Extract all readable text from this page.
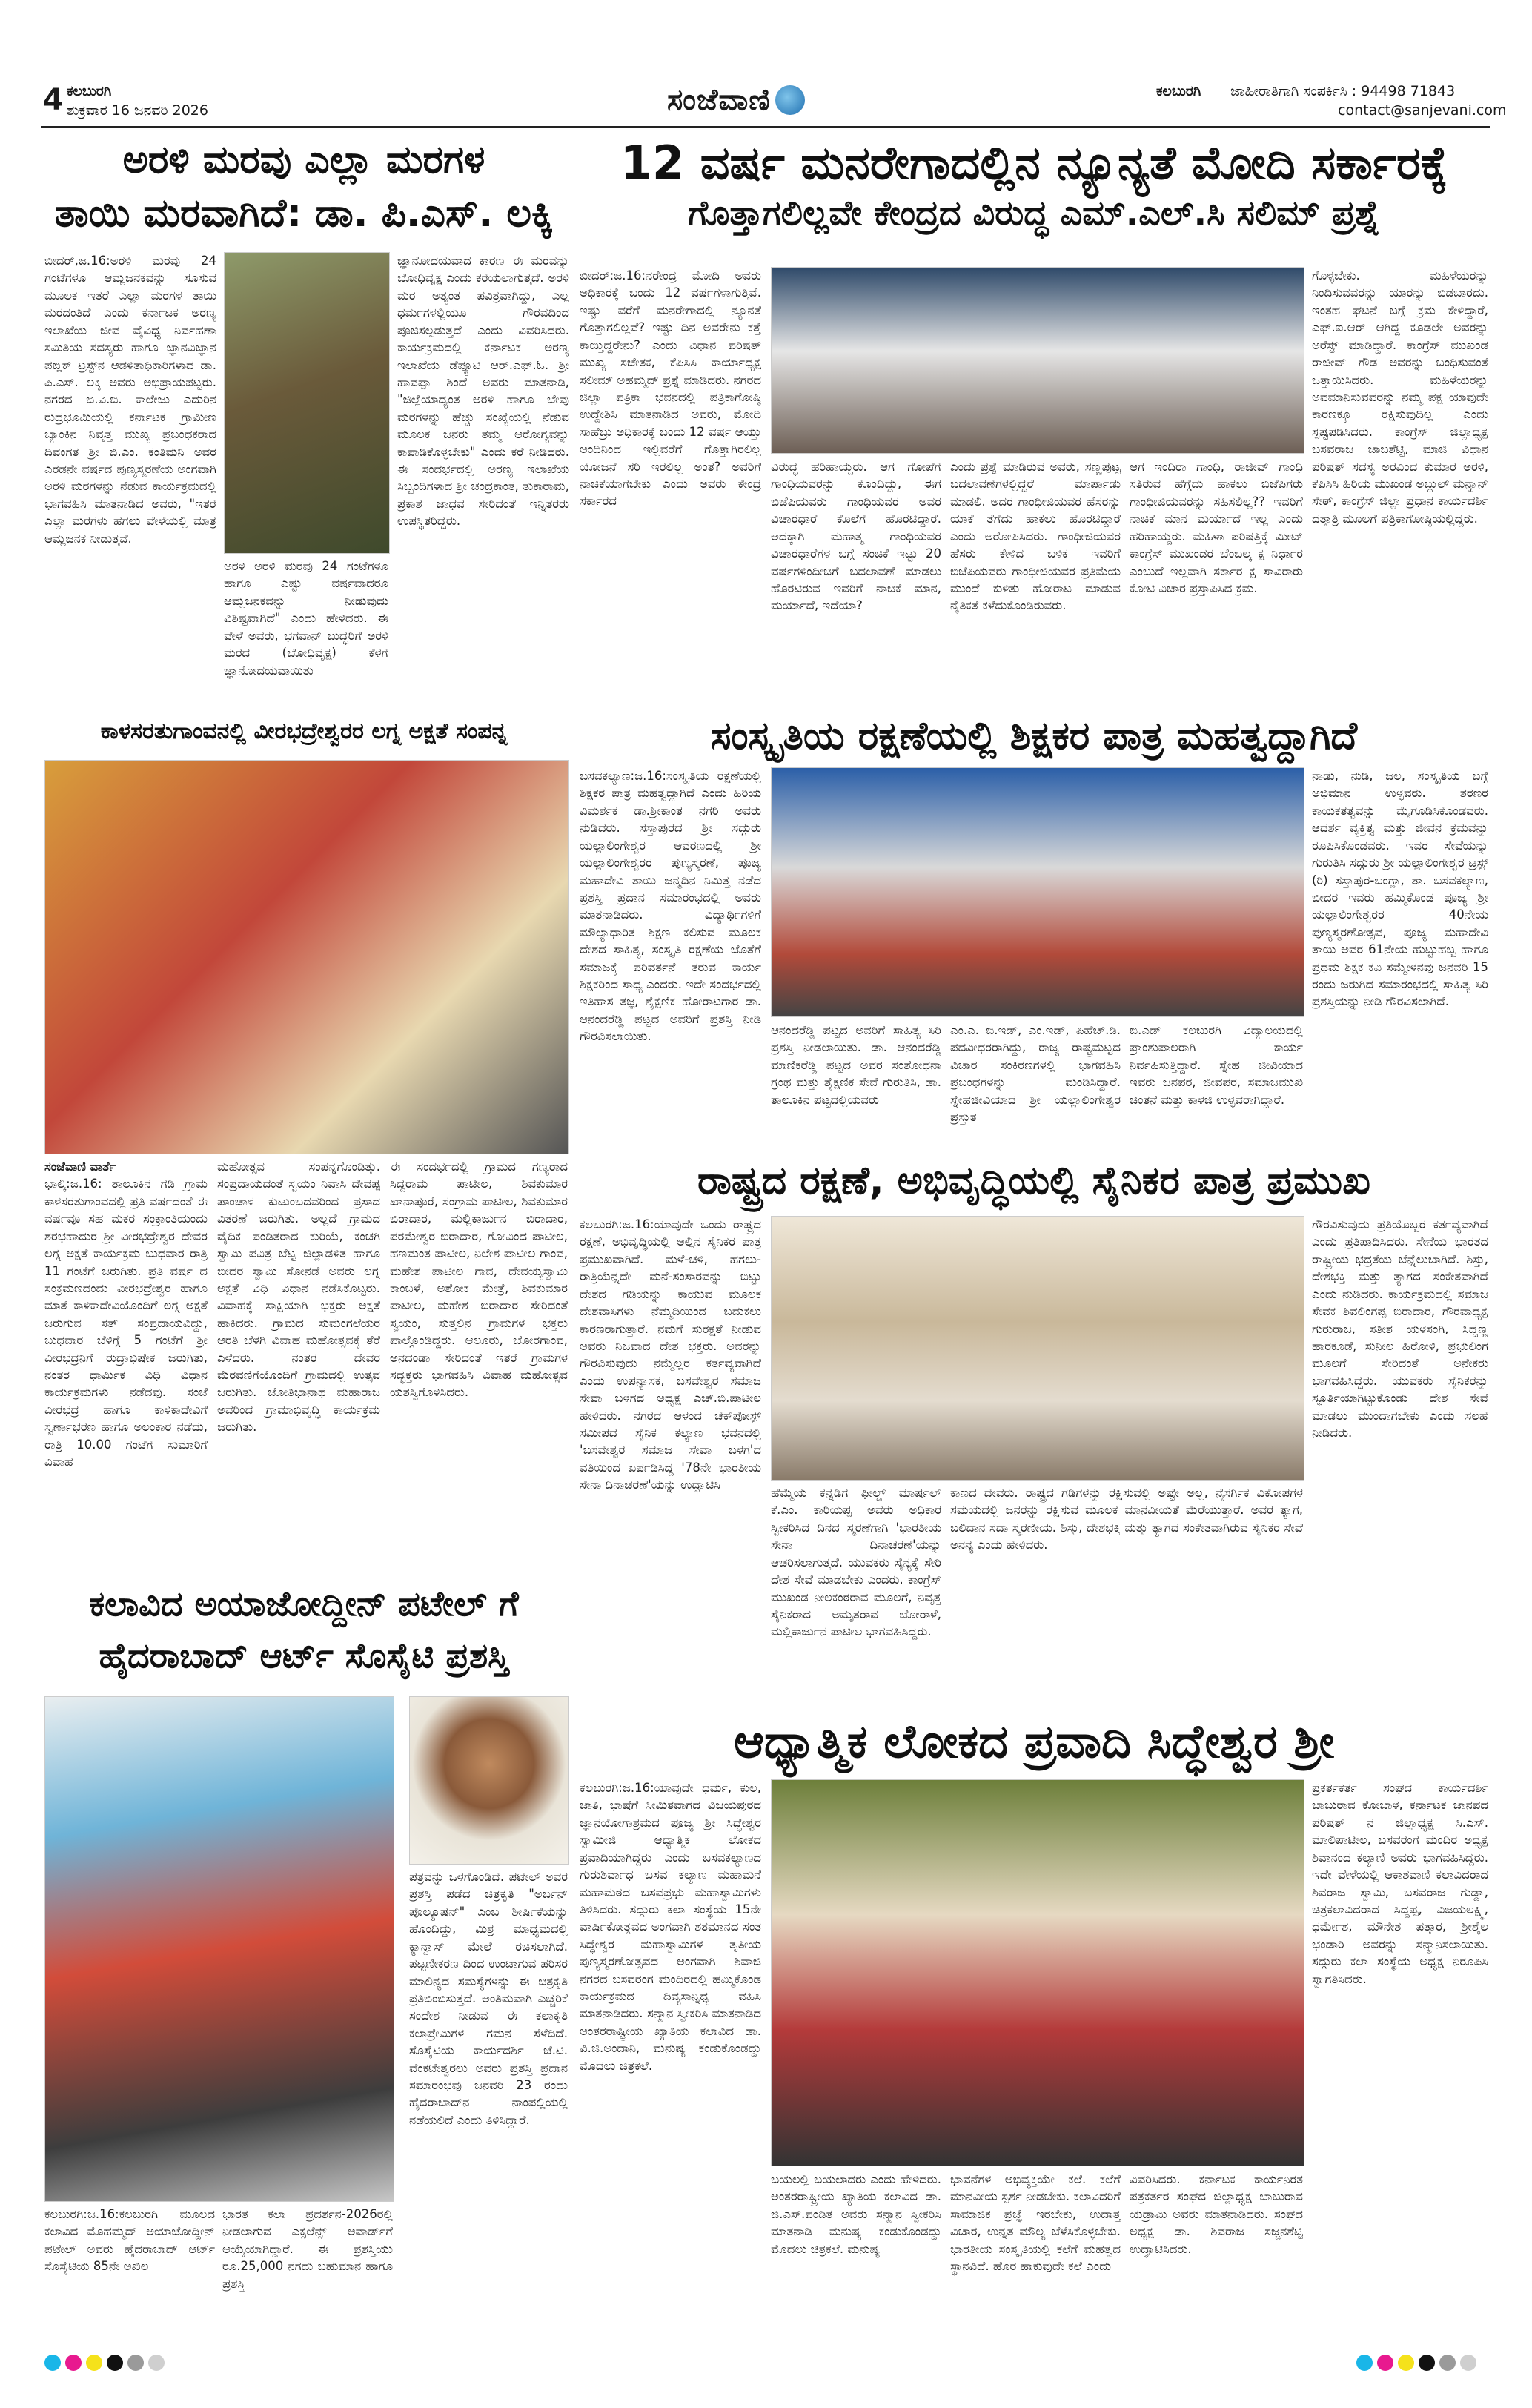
4 ಕಲಬುರಗಿ
ಶುಕ್ರವಾರ 16 ಜನವರಿ 2026	ಸಂಜೆವಾಣಿ	ಕಲಬುರಗಿ ಜಾಹೀರಾತಿಗಾಗಿ ಸಂಪರ್ಕಿಸಿ : 94498 71843
contact@sanjevani.com
ಅರಳಿ ಮರವು ಎಲ್ಲಾ ಮರಗಳ
ತಾಯಿ ಮರವಾಗಿದೆ: ಡಾ. ಪಿ.ಎಸ್. ಲಕ್ಕಿ
ಬೀದರ್,ಜ.16:ಅರಳಿ ಮರವು 24 ಗಂಟೆಗಳೂ ಆಮ್ಲಜನಕವನ್ನು ಸೂಸುವ ಮೂಲಕ ಇತರೆ ಎಲ್ಲಾ ಮರಗಳ ತಾಯಿ ಮರದಂತಿದೆ ಎಂದು ಕರ್ನಾಟಕ ಅರಣ್ಯ ಇಲಾಖೆಯ ಜೀವ ವೈವಿಧ್ಯ ನಿರ್ವಹಣಾ ಸಮಿತಿಯ ಸದಸ್ಯರು ಹಾಗೂ ಜ್ಞಾನವಿಜ್ಞಾನ ಪಬ್ಲಿಕ್ ಟ್ರಸ್ಟ್‌ನ ಆಡಳಿತಾಧಿಕಾರಿಗಳಾದ ಡಾ. ಪಿ.ಎಸ್. ಲಕ್ಕಿ ಅವರು ಅಭಿಪ್ರಾಯಪಟ್ಟರು. ನಗರದ ಬಿ.ವಿ.ಬಿ. ಕಾಲೇಜು ಎದುರಿನ ರುದ್ರಭೂಮಿಯಲ್ಲಿ ಕರ್ನಾಟಕ ಗ್ರಾಮೀಣ ಬ್ಯಾಂಕಿನ ನಿವೃತ್ತ ಮುಖ್ಯ ಪ್ರಬಂಧಕರಾದ ದಿವಂಗತ ಶ್ರೀ ಬಿ.ಎಂ. ಕಂತಿಮನಿ ಅವರ ಎರಡನೇ ವರ್ಷದ ಪುಣ್ಯಸ್ಮರಣೆಯ ಅಂಗವಾಗಿ ಅರಳಿ ಮರಗಳನ್ನು ನೆಡುವ ಕಾರ್ಯಕ್ರಮದಲ್ಲಿ ಭಾಗವಹಿಸಿ ಮಾತನಾಡಿದ ಅವರು, "ಇತರೆ ಎಲ್ಲಾ ಮರಗಳು ಹಗಲು ವೇಳೆಯಲ್ಲಿ ಮಾತ್ರ ಆಮ್ಲಜನಕ ನೀಡುತ್ತವೆ.
ಅರಳಿ ಅರಳಿ ಮರವು 24 ಗಂಟೆಗಳೂ ಹಾಗೂ ಎಷ್ಟು ವರ್ಷವಾದರೂ ಆಮ್ಲಜನಕವನ್ನು ನೀಡುವುದು ವಿಶಿಷ್ಟವಾಗಿದೆ" ಎಂದು ಹೇಳಿದರು. ಈ ವೇಳೆ ಅವರು, ಭಗವಾನ್ ಬುದ್ಧರಿಗೆ ಅರಳಿ ಮರದ (ಬೋಧಿವೃಕ್ಷ) ಕೆಳಗೆ ಜ್ಞಾನೋದಯವಾಯಿತು
ಜ್ಞಾನೋದಯವಾದ ಕಾರಣ ಈ ಮರವನ್ನು ಬೋಧಿವೃಕ್ಷ ಎಂದು ಕರೆಯಲಾಗುತ್ತದೆ. ಅರಳಿ ಮರ ಅತ್ಯಂತ ಪವಿತ್ರವಾಗಿದ್ದು, ಎಲ್ಲ ಧರ್ಮಗಳಲ್ಲಿಯೂ ಗೌರವದಿಂದ ಪೂಜಿಸಲ್ಪಡುತ್ತದೆ ಎಂದು ವಿವರಿಸಿದರು. ಕಾರ್ಯಕ್ರಮದಲ್ಲಿ ಕರ್ನಾಟಕ ಅರಣ್ಯ ಇಲಾಖೆಯ ಡೆಪ್ಯೂಟಿ ಆರ್.ಎಫ್.ಓ. ಶ್ರೀ ಹಾವಪ್ಪಾ ಶಿಂದೆ ಅವರು ಮಾತನಾಡಿ, "ಜಿಲ್ಲೆಯಾದ್ಯಂತ ಅರಳಿ ಹಾಗೂ ಬೇವು ಮರಗಳನ್ನು ಹೆಚ್ಚು ಸಂಖ್ಯೆಯಲ್ಲಿ ನೆಡುವ ಮೂಲಕ ಜನರು ತಮ್ಮ ಆರೋಗ್ಯವನ್ನು ಕಾಪಾಡಿಕೊಳ್ಳಬೇಕು" ಎಂದು ಕರೆ ನೀಡಿದರು. ಈ ಸಂದರ್ಭದಲ್ಲಿ ಅರಣ್ಯ ಇಲಾಖೆಯ ಸಿಬ್ಬಂದಿಗಳಾದ ಶ್ರೀ ಚಂದ್ರಕಾಂತ, ತುಕಾರಾಮ, ಪ್ರಕಾಶ ಜಾಧವ ಸೇರಿದಂತೆ ಇನ್ನಿತರರು ಉಪಸ್ಥಿತರಿದ್ದರು.
12 ವರ್ಷ ಮನರೇಗಾದಲ್ಲಿನ ನ್ಯೂನ್ಯತೆ ಮೋದಿ ಸರ್ಕಾರಕ್ಕೆ
ಗೊತ್ತಾಗಲಿಲ್ಲವೇ ಕೇಂದ್ರದ ವಿರುದ್ಧ ಎಮ್.ಎಲ್.ಸಿ ಸಲಿಮ್ ಪ್ರಶ್ನೆ
ಬೀದರ್:ಜ.16:ನರೇಂದ್ರ ಮೋದಿ ಅವರು ಅಧಿಕಾರಕ್ಕೆ ಬಂದು 12 ವರ್ಷಗಳಾಗುತ್ತಿವೆ. ಇಷ್ಟು ವರೆಗೆ ಮನರೇಗಾದಲ್ಲಿ ನ್ಯೂನತೆ ಗೊತ್ತಾಗಲಿಲ್ಲವೆ? ಇಷ್ಟು ದಿನ ಅವರೇನು ಕತ್ತೆ ಕಾಯ್ತಿದ್ದರೇನು? ಎಂದು ವಿಧಾನ ಪರಿಷತ್ ಮುಖ್ಯ ಸಚೇತಕ, ಕೆಪಿಸಿಸಿ ಕಾರ್ಯಾಧ್ಯಕ್ಷ ಸಲೀಮ್ ಅಹಮ್ಮದ್ ಪ್ರಶ್ನೆ ಮಾಡಿದರು. ನಗರದ ಜಿಲ್ಲಾ ಪತ್ರಿಕಾ ಭವನದಲ್ಲಿ ಪತ್ರಿಕಾಗೋಷ್ಠಿ ಉದ್ದೇಶಿಸಿ ಮಾತನಾಡಿದ ಅವರು, ಮೋದಿ ಸಾಹೆಬ್ರು ಅಧಿಕಾರಕ್ಕೆ ಬಂದು 12 ವರ್ಷ ಆಯ್ತು ಅಂದಿನಿಂದ ಇಲ್ಲಿವರೆಗೆ ಗೊತ್ತಾಗಿರಲಿಲ್ಲ ಯೋಜನೆ ಸರಿ ಇರಲಿಲ್ಲ ಅಂತ? ಅವರಿಗೆ ನಾಚಿಕೆಯಾಗಬೇಕು ಎಂದು ಅವರು ಕೇಂದ್ರ ಸರ್ಕಾರದ
ವಿರುದ್ಧ ಹರಿಹಾಯ್ದರು. ಆಗ ಗೋಪೆಗೆ ಗಾಂಧಿಯವರನ್ನು ಕೊಂದಿದ್ದು, ಈಗ ಬಿಜೆಪಿಯವರು ಗಾಂಧಿಯವರ ಅವರ ವಿಚಾರಧಾರೆ ಕೊಲೆಗೆ ಹೊರಟಿದ್ದಾರೆ. ಅದಕ್ಕಾಗಿ ಮಹಾತ್ಮ ಗಾಂಧಿಯವರ ವಿಚಾರಧಾರೆಗಳ ಬಗ್ಗೆ ಸಂಚಿಕೆ ಇಟ್ಟು 20 ವರ್ಷಗಳಿಂದೀಚಿಗೆ ಬದಲಾವಣೆ ಮಾಡಲು ಹೊರಟಿರುವ ಇವರಿಗೆ ನಾಚಿಕೆ ಮಾನ, ಮರ್ಯಾದೆ, ಇದೆಯಾ?
ಎಂದು ಪ್ರಶ್ನೆ ಮಾಡಿರುವ ಅವರು, ಸಣ್ಣಪುಟ್ಟ ಬದಲಾವಣೆಗಳಲ್ಲಿದ್ದರೆ ಮಾರ್ಪಾಡು ಮಾಡಲಿ. ಅದರ ಗಾಂಧೀಜಿಯವರ ಹೆಸರನ್ನು ಯಾಕೆ ತೆಗೆದು ಹಾಕಲು ಹೊರಟಿದ್ದಾರೆ ಎಂದು ಅರೋಪಿಸಿದರು. ಗಾಂಧೀಜಿಯವರ ಹೆಸರು ಕೇಳಿದ ಬಳಿಕ ಇವರಿಗೆ ಬಿಜೆಪಿಯವರು ಗಾಂಧೀಜಿಯವರ ಪ್ರತಿಮೆಯ ಮುಂದೆ ಕುಳಿತು ಹೋರಾಟ ಮಾಡುವ ನೈತಿಕತೆ ಕಳೆದುಕೊಂಡಿರುವರು.
ಆಗ ಇಂದಿರಾ ಗಾಂಧಿ, ರಾಜೀವ್ ಗಾಂಧಿ ಸತಿರುವ ಹೆಗ್ಗೆದು ಹಾಕಲು ಬಿಜೆಪಿಗರು ಗಾಂಧೀಜಿಯವರನ್ನು ಸಹಿಸಲಿಲ್ಲ?? ಇವರಿಗೆ ನಾಚಿಕೆ ಮಾನ ಮರ್ಯಾದೆ ಇಲ್ಲ ಎಂದು ಹರಿಹಾಯ್ದರು. ಮಹಿಳಾ ಪರಿಷತ್ತಿಕ್ಕೆ ಮೀಟ್ ಕಾಂಗ್ರೆಸ್ ಮುಖಂಡರ ಬೆಂಬಲ್ಕ ಕ್ಷ ನಿರ್ಧಾರ ಎಂಬುದೆ ಇಲ್ಲವಾಗಿ ಸರ್ಕಾರ ಕ್ಷ ಸಾವಿರಾರು ಕೋಟಿ ವಿಚಾರ ಪ್ರಸ್ತಾಪಿಸಿದ ಕ್ರಮ.
ಗೊಳ್ಳಬೇಕು. ಮಹಿಳೆಯರನ್ನು ನಿಂದಿಸುವವರನ್ನು ಯಾರನ್ನು ಬಿಡಬಾರದು. ಇಂತಹ ಘಟನೆ ಬಗ್ಗೆ ಕ್ರಮ ಕೇಳಿದ್ದಾರೆ, ಎಫ್.ಐ.ಆರ್ ಆಗಿದ್ದ ಕೂಡಲೇ ಅವರನ್ನು ಅರೆಸ್ಟ್ ಮಾಡಿದ್ದಾರೆ. ಕಾಂಗ್ರೆಸ್ ಮುಖಂಡ ರಾಜೀವ್ ಗೌಡ ಅವರನ್ನು ಬಂಧಿಸುವಂತೆ ಒತ್ತಾಯಿಸಿದರು. ಮಹಿಳೆಯರನ್ನು ಅವಮಾನಿಸುವವರನ್ನು ನಮ್ಮ ಪಕ್ಷ ಯಾವುದೇ ಕಾರಣಕ್ಕೂ ರಕ್ಷಿಸುವುದಿಲ್ಲ ಎಂದು ಸ್ಪಷ್ಟಪಡಿಸಿದರು. ಕಾಂಗ್ರೆಸ್ ಜಿಲ್ಲಾಧ್ಯಕ್ಷ ಬಸವರಾಜ ಜಾಬಶೆಟ್ಟಿ, ಮಾಜಿ ವಿಧಾನ ಪರಿಷತ್ ಸದಸ್ಯ ಅರವಿಂದ ಕುಮಾರ ಅರಳಿ, ಕೆಪಿಸಿಸಿ ಹಿರಿಯ ಮುಖಂಡ ಅಬ್ದುಲ್ ಮನ್ನಾನ್ ಸೇಠ್, ಕಾಂಗ್ರೆಸ್ ಜಿಲ್ಲಾ ಪ್ರಧಾನ ಕಾರ್ಯದರ್ಶಿ ದತ್ತಾತ್ರಿ ಮೂಲಗೆ ಪತ್ರಿಕಾಗೋಷ್ಠಿಯಲ್ಲಿದ್ದರು.
ಕಾಳಸರತುಗಾಂವನಲ್ಲಿ ವೀರಭದ್ರೇಶ್ವರರ ಲಗ್ನ ಅಕ್ಷತೆ ಸಂಪನ್ನ
ಸಂಜೆವಾಣಿ ವಾರ್ತೆ
ಭಾಲ್ಕಿ:ಜ.16: ತಾಲೂಕಿನ ಗಡಿ ಗ್ರಾಮ ಕಾಳಸರತುಗಾಂವದಲ್ಲಿ ಪ್ರತಿ ವರ್ಷದಂತೆ ಈ ವರ್ಷವೂ ಸಹ ಮಕರ ಸಂಕ್ರಾಂತಿಯಂದು ಶರಭಹಾದುರ ಶ್ರೀ ವೀರಭದ್ರೇಶ್ವರ ದೇವರ ಲಗ್ನ ಅಕ್ಷತೆ ಕಾರ್ಯಕ್ರಮ ಬುಧವಾರ ರಾತ್ರಿ 11 ಗಂಟೆಗೆ ಜರುಗಿತು. ಪ್ರತಿ ವರ್ಷ ದ ಸಂಕ್ರಮಣದಂದು ವೀರಭದ್ರೇಶ್ವರ ಹಾಗೂ ಮಾತೆ ಕಾಳಿಕಾದೇವಿಯೊಂದಿಗೆ ಲಗ್ನ ಅಕ್ಷತೆ ಜರುಗುವ ಸತ್ ಸಂಪ್ರದಾಯವಿದ್ದು, ಬುಧವಾರ ಬೆಳಿಗ್ಗೆ 5 ಗಂಟೆಗೆ ಶ್ರೀ ವೀರಭದ್ರನಿಗೆ ರುದ್ರಾಭಿಷೇಕ ಜರುಗಿತು, ನಂತರ ಧಾರ್ಮಿಕ ವಿಧಿ ವಿಧಾನ ಕಾರ್ಯಕ್ರಮಗಳು ನಡೆದವು. ಸಂಜೆ ವೀರಭದ್ರ ಹಾಗೂ ಕಾಳಿಕಾದೇವಿಗೆ ಸ್ವರ್ಣಾಭರಣ ಹಾಗೂ ಅಲಂಕಾರ ನಡೆದು, ರಾತ್ರಿ 10.00 ಗಂಟೆಗೆ ಸುಮಾರಿಗೆ ವಿವಾಹ
ಮಹೋತ್ಸವ ಸಂಪನ್ನಗೊಂಡಿತ್ತು. ಸಂಪ್ರದಾಯದಂತೆ ಸ್ವಯಂ ನಿವಾಸಿ ದೇವಪ್ಪ ಪಾಂಚಾಳ ಕುಟುಂಬದವರಿಂದ ಪ್ರಸಾದ ವಿತರಣೆ ಜರುಗಿತು. ಅಲ್ಲದೆ ಗ್ರಾಮದ ವೈದಿಕ ಪಂಡಿತರಾದ ಕುರಿಯೆ, ಕಂಚಗಿ ಸ್ವಾಮಿ ಪವಿತ್ರ ಬೆಟ್ಟ ಜಿಲ್ಲಾಡಳಿತ ಹಾಗೂ ಬೀದರ ಸ್ವಾಮಿ ಸೋನಡೆ ಅವರು ಲಗ್ನ ಅಕ್ಷತೆ ವಿಧಿ ವಿಧಾನ ನಡೆಸಿಕೊಟ್ಟರು. ವಿವಾಹಕ್ಕೆ ಸಾಕ್ಷಿಯಾಗಿ ಭಕ್ತರು ಅಕ್ಷತೆ ಹಾಕಿದರು. ಗ್ರಾಮದ ಸುಮಂಗಲೆಯರ ಆರತಿ ಬೆಳಗಿ ವಿವಾಹ ಮಹೋತ್ಸವಕ್ಕೆ ತೆರೆ ಎಳೆದರು. ನಂತರ ದೇವರ ಮೆರವಣಿಗೆಯೊಂದಿಗೆ ಗ್ರಾಮದಲ್ಲಿ ಉತ್ಸವ ಜರುಗಿತು. ಜೋತಿಭಾನಾಥ ಮಹಾರಾಜ ಅವರಿಂದ ಗ್ರಾಮಾಭಿವೃದ್ಧಿ ಕಾರ್ಯಕ್ರಮ ಜರುಗಿತು.
ಈ ಸಂದರ್ಭದಲ್ಲಿ ಗ್ರಾಮದ ಗಣ್ಯರಾದ ಸಿದ್ದರಾಮ ಪಾಟೀಲ, ಶಿವಕುಮಾರ ಖಾನಾಪೂರೆ, ಸಂಗ್ರಾಮ ಪಾಟೀಲ, ಶಿವಕುಮಾರ ಬಿರಾದಾರ, ಮಲ್ಲಿಕಾರ್ಜುನ ಬಿರಾದಾರ, ಪರಮೇಶ್ವರ ಬಿರಾದಾರ, ಗೋವಿಂದ ಪಾಟೀಲ, ಹಣಮಂತ ಪಾಟೀಲ, ನಿಲೇಶ ಪಾಟೀಲ ಗಾಂವ, ಮಹೇಶ ಪಾಟೀಲ ಗಾವ, ದೇವಯ್ಯಸ್ವಾಮಿ ಕಾಂಬಳೆ, ಅಶೋಕ ಮೇತ್ರೆ, ಶಿವಕುಮಾರ ಪಾಟೀಲ, ಮಹೇಶ ಬಿರಾದಾರ ಸೇರಿದಂತೆ ಸ್ವಯಂ, ಸುತ್ತಲಿನ ಗ್ರಾಮಗಳ ಭಕ್ತರು ಪಾಲ್ಗೊಂಡಿದ್ದರು. ಆಲೂರು, ಬೋರಗಾಂವ, ಅನದಂಡಾ ಸೇರಿದಂತೆ ಇತರೆ ಗ್ರಾಮಗಳ ಸದ್ಭಕ್ತರು ಭಾಗವಹಿಸಿ ವಿವಾಹ ಮಹೋತ್ಸವ ಯಶಸ್ವಿಗೊಳಿಸಿದರು.
ಸಂಸ್ಕೃತಿಯ ರಕ್ಷಣೆಯಲ್ಲಿ ಶಿಕ್ಷಕರ ಪಾತ್ರ ಮಹತ್ವದ್ದಾಗಿದೆ
ಬಸವಕಲ್ಯಾಣ:ಜ.16:ಸಂಸ್ಕೃತಿಯ ರಕ್ಷಣೆಯಲ್ಲಿ ಶಿಕ್ಷಕರ ಪಾತ್ರ ಮಹತ್ವದ್ದಾಗಿದೆ ಎಂದು ಹಿರಿಯ ವಿಮರ್ಶಕ ಡಾ.ಶ್ರೀಕಾಂತ ನಗರಿ ಅವರು ನುಡಿದರು. ಸಸ್ತಾಪುರದ ಶ್ರೀ ಸದ್ಗುರು ಯಲ್ಲಾಲಿಂಗೇಶ್ವರ ಆವರಣದಲ್ಲಿ ಶ್ರೀ ಯಲ್ಲಾಲಿಂಗೇಶ್ವರರ ಪುಣ್ಯಸ್ಮರಣೆ, ಪೂಜ್ಯ ಮಹಾದೇವಿ ತಾಯಿ ಜನ್ಮದಿನ ನಿಮಿತ್ತ ನಡೆದ ಪ್ರಶಸ್ತಿ ಪ್ರದಾನ ಸಮಾರಂಭದಲ್ಲಿ ಅವರು ಮಾತನಾಡಿದರು. ವಿದ್ಯಾರ್ಥಿಗಳಿಗೆ ಮೌಲ್ಯಾಧಾರಿತ ಶಿಕ್ಷಣ ಕಲಿಸುವ ಮೂಲಕ ದೇಶದ ಸಾಹಿತ್ಯ, ಸಂಸ್ಕೃತಿ ರಕ್ಷಣೆಯ ಜೊತೆಗೆ ಸಮಾಜಕ್ಕೆ ಪರಿವರ್ತನೆ ತರುವ ಕಾರ್ಯ ಶಿಕ್ಷಕರಿಂದ ಸಾಧ್ಯ ಎಂದರು. ಇದೇ ಸಂದರ್ಭದಲ್ಲಿ ಇತಿಹಾಸ ತಜ್ಞ, ಶೈಕ್ಷಣಿಕ ಹೋರಾಟಗಾರ ಡಾ. ಆನಂದರೆಡ್ಡಿ ಪಟ್ಟದ ಅವರಿಗೆ ಪ್ರಶಸ್ತಿ ನೀಡಿ ಗೌರವಿಸಲಾಯಿತು.	ಆನಂದರೆಡ್ಡಿ ಪಟ್ಟದ ಅವರಿಗೆ ಸಾಹಿತ್ಯ ಸಿರಿ ಪ್ರಶಸ್ತಿ ನೀಡಲಾಯಿತು. ಡಾ. ಆನಂದರೆಡ್ಡಿ ಮಾಣಿಕರೆಡ್ಡಿ ಪಟ್ಟದ ಅವರ ಸಂಶೋಧನಾ ಗ್ರಂಥ ಮತ್ತು ಶೈಕ್ಷಣಿಕ ಸೇವೆ ಗುರುತಿಸಿ, ಡಾ. ತಾಲೂಕಿನ ಪಟ್ಟದಲ್ಲಿಯವರು
ಎಂ.ಎ. ಬಿ.ಇಡ್, ಎಂ.ಇಡ್, ಪಿಹೆಚ್.ಡಿ. ಪದವೀಧರರಾಗಿದ್ದು, ರಾಜ್ಯ ರಾಷ್ಟ್ರಮಟ್ಟದ ವಿಚಾರ ಸಂಕಿರಣಗಳಲ್ಲಿ ಭಾಗವಹಿಸಿ ಪ್ರಬಂಧಗಳನ್ನು ಮಂಡಿಸಿದ್ದಾರೆ. ಸ್ನೇಹಜೀವಿಯಾದ ಶ್ರೀ ಯಲ್ಲಾಲಿಂಗೇಶ್ವರ ಪ್ರಸ್ತುತ
ಬಿ.ಎಡ್ ಕಲಬುರಗಿ ವಿದ್ಯಾಲಯದಲ್ಲಿ ಪ್ರಾಂಶುಪಾಲರಾಗಿ ಕಾರ್ಯ ನಿರ್ವಹಿಸುತ್ತಿದ್ದಾರೆ. ಸ್ನೇಹ ಜೀವಿಯಾದ ಇವರು ಜನಪರ, ಜೀವಪರ, ಸಮಾಜಮುಖಿ ಚಿಂತನೆ ಮತ್ತು ಕಾಳಜಿ ಉಳ್ಳವರಾಗಿದ್ದಾರೆ.
ನಾಡು, ನುಡಿ, ಜಲ, ಸಂಸ್ಕೃತಿಯ ಬಗ್ಗೆ ಅಭಿಮಾನ ಉಳ್ಳವರು. ಶರಣರ ಕಾಯಕತತ್ವವನ್ನು ಮೈಗೂಡಿಸಿಕೊಂಡವರು. ಆದರ್ಶ ವ್ಯಕ್ತಿತ್ವ ಮತ್ತು ಜೀವನ ಕ್ರಮವನ್ನು ರೂಪಿಸಿಕೊಂಡವರು. ಇವರ ಸೇವೆಯನ್ನು ಗುರುತಿಸಿ ಸದ್ಗುರು ಶ್ರೀ ಯಲ್ಲಾಲಿಂಗೇಶ್ವರ ಟ್ರಸ್ಟ್ (ರಿ) ಸಸ್ತಾಪುರ-ಬಂಗ್ಲಾ, ತಾ. ಬಸವಕಲ್ಯಾಣ, ಬೀದರ ಇವರು ಹಮ್ಮಿಕೊಂಡ ಪೂಜ್ಯ ಶ್ರೀ ಯಲ್ಲಾಲಿಂಗೇಶ್ವರರ 40ನೇಯ ಪುಣ್ಯಸ್ಮರಣೋತ್ಸವ, ಪೂಜ್ಯ ಮಹಾದೇವಿ ತಾಯಿ ಅವರ 61ನೇಯ ಹುಟ್ಟುಹಬ್ಬ ಹಾಗೂ ಪ್ರಥಮ ಶಿಕ್ಷಕ ಕವಿ ಸಮ್ಮೇಳನವು ಜನವರಿ 15 ರಂದು ಜರುಗಿದ ಸಮಾರಂಭದಲ್ಲಿ ಸಾಹಿತ್ಯ ಸಿರಿ ಪ್ರಶಸ್ತಿಯನ್ನು ನೀಡಿ ಗೌರವಿಸಲಾಗಿದೆ.
ರಾಷ್ಟ್ರದ ರಕ್ಷಣೆ, ಅಭಿವೃದ್ಧಿಯಲ್ಲಿ ಸೈನಿಕರ ಪಾತ್ರ ಪ್ರಮುಖ
ಕಲಬುರಗಿ:ಜ.16:ಯಾವುದೇ ಒಂದು ರಾಷ್ಟ್ರದ ರಕ್ಷಣೆ, ಅಭಿವೃದ್ಧಿಯಲ್ಲಿ ಅಲ್ಲಿನ ಸೈನಿಕರ ಪಾತ್ರ ಪ್ರಮುಖವಾಗಿದೆ. ಮಳೆ-ಚಳಿ, ಹಗಲು-ರಾತ್ರಿಯೆನ್ನದೇ ಮನೆ-ಸಂಸಾರವನ್ನು ಬಿಟ್ಟು ದೇಶದ ಗಡಿಯನ್ನು ಕಾಯುವ ಮೂಲಕ ದೇಶವಾಸಿಗಳು ನೆಮ್ಮದಿಯಿಂದ ಬದುಕಲು ಕಾರಣರಾಗುತ್ತಾರೆ. ನಮಗೆ ಸುರಕ್ಷತೆ ನೀಡುವ ಅವರು ನಿಜವಾದ ದೇಶ ಭಕ್ತರು. ಅವರನ್ನು ಗೌರವಿಸುವುದು ನಮ್ಮೆಲ್ಲರ ಕರ್ತವ್ಯವಾಗಿದೆ ಎಂದು ಉಪನ್ಯಾಸಕ, ಬಸವೇಶ್ವರ ಸಮಾಜ ಸೇವಾ ಬಳಗದ ಅಧ್ಯಕ್ಷ ಎಚ್.ಬಿ.ಪಾಟೀಲ ಹೇಳಿದರು. ನಗರದ ಆಳಂದ ಚೆಕ್‌ಪೋಸ್ಟ್ ಸಮೀಪದ ಸೈನಿಕ ಕಲ್ಯಾಣ ಭವನದಲ್ಲಿ 'ಬಸವೇಶ್ವರ ಸಮಾಜ ಸೇವಾ ಬಳಗ'ದ ವತಿಯಿಂದ ಏರ್ಪಡಿಸಿದ್ದ '78ನೇ ಭಾರತೀಯ ಸೇನಾ ದಿನಾಚರಣೆ'ಯನ್ನು ಉದ್ಘಾಟಿಸಿ
ಹೆಮ್ಮೆಯ ಕನ್ನಡಿಗ ಫೀಲ್ಡ್ ಮಾರ್ಷಲ್ ಕೆ.ಎಂ. ಕಾರಿಯಪ್ಪ ಅವರು ಅಧಿಕಾರ ಸ್ವೀಕರಿಸಿದ ದಿನದ ಸ್ಮರಣೆಗಾಗಿ 'ಭಾರತೀಯ ಸೇನಾ ದಿನಾಚರಣೆ'ಯನ್ನು ಆಚರಿಸಲಾಗುತ್ತದೆ. ಯುವಕರು ಸೈನ್ಯಕ್ಕೆ ಸೇರಿ ದೇಶ ಸೇವೆ ಮಾಡಬೇಕು ಎಂದರು. ಕಾಂಗ್ರೆಸ್ ಮುಖಂಡ ನೀಲಕಂಠರಾವ ಮೂಲಗೆ, ನಿವೃತ್ತ ಸೈನಿಕರಾದ ಅಮೃತರಾವ ಬೋರಾಳೆ, ಮಲ್ಲಿಕಾರ್ಜುನ ಪಾಟೀಲ ಭಾಗವಹಿಸಿದ್ದರು.
ಕಾಣದ ದೇವರು. ರಾಷ್ಟ್ರದ ಗಡಿಗಳನ್ನು ರಕ್ಷಿಸುವಲ್ಲಿ ಅಷ್ಟೇ ಅಲ್ಲ, ನೈಸರ್ಗಿಕ ವಿಕೋಪಗಳ ಸಮಯದಲ್ಲಿ ಜನರನ್ನು ರಕ್ಷಿಸುವ ಮೂಲಕ ಮಾನವೀಯತೆ ಮೆರೆಯುತ್ತಾರೆ. ಅವರ ತ್ಯಾಗ, ಬಲಿದಾನ ಸದಾ ಸ್ಮರಣೀಯ. ಶಿಸ್ತು, ದೇಶಭಕ್ತಿ ಮತ್ತು ತ್ಯಾಗದ ಸಂಕೇತವಾಗಿರುವ ಸೈನಿಕರ ಸೇವೆ ಅನನ್ಯ ಎಂದು ಹೇಳಿದರು.
ಗೌರವಿಸುವುದು ಪ್ರತಿಯೊಬ್ಬರ ಕರ್ತವ್ಯವಾಗಿದೆ ಎಂದು ಪ್ರತಿಪಾದಿಸಿದರು. ಸೇನೆಯ ಭಾರತದ ರಾಷ್ಟ್ರೀಯ ಭದ್ರತೆಯ ಬೆನ್ನೆಲುಬಾಗಿದೆ. ಶಿಸ್ತು, ದೇಶಭಕ್ತಿ ಮತ್ತು ತ್ಯಾಗದ ಸಂಕೇತವಾಗಿದೆ ಎಂದು ನುಡಿದರು. ಕಾರ್ಯಕ್ರಮದಲ್ಲಿ ಸಮಾಜ ಸೇವಕ ಶಿವಲಿಂಗಪ್ಪ ಬಿರಾದಾರ, ಗೌರವಾಧ್ಯಕ್ಷ ಗುರುರಾಜ, ಸತೀಶ ಯಳಸಂಗಿ, ಸಿದ್ದಣ್ಣ ಹಾರಕೂಡೆ, ಸುನೀಲ ಹಿರೋಳಿ, ಪ್ರಭುಲಿಂಗ ಮೂಲಗೆ ಸೇರಿದಂತೆ ಅನೇಕರು ಭಾಗವಹಿಸಿದ್ದರು. ಯುವಕರು ಸೈನಿಕರನ್ನು ಸ್ಫೂರ್ತಿಯಾಗಿಟ್ಟುಕೊಂಡು ದೇಶ ಸೇವೆ ಮಾಡಲು ಮುಂದಾಗಬೇಕು ಎಂದು ಸಲಹೆ ನೀಡಿದರು.
ಕಲಾವಿದ ಅಯಾಜೋದ್ದೀನ್ ಪಟೇಲ್ ಗೆ
ಹೈದರಾಬಾದ್ ಆರ್ಟ್ ಸೊಸೈಟಿ ಪ್ರಶಸ್ತಿ
ಪತ್ರವನ್ನು ಒಳಗೊಂಡಿದೆ. ಪಟೇಲ್ ಅವರ ಪ್ರಶಸ್ತಿ ಪಡೆದ ಚಿತ್ರಕೃತಿ "ಅರ್ಬನ್ ಪೊಲ್ಯೂಷನ್" ಎಂಬ ಶೀರ್ಷಿಕೆಯನ್ನು ಹೊಂದಿದ್ದು, ಮಿಶ್ರ ಮಾಧ್ಯಮದಲ್ಲಿ ಕ್ಯಾನ್ವಾಸ್ ಮೇಲೆ ರಚಿಸಲಾಗಿದೆ. ಪಟ್ಟಣೀಕರಣ ದಿಂದ ಉಂಟಾಗುವ ಪರಿಸರ ಮಾಲಿನ್ಯದ ಸಮಸ್ಯೆಗಳನ್ನು ಈ ಚಿತ್ರಕೃತಿ ಪ್ರತಿಬಿಂಬಿಸುತ್ತದೆ. ಅಂತಿಮವಾಗಿ ಎಚ್ಚರಿಕೆ ಸಂದೇಶ ನೀಡುವ ಈ ಕಲಾಕೃತಿ ಕಲಾಪ್ರೇಮಿಗಳ ಗಮನ ಸೆಳೆದಿದೆ. ಸೊಸೈಟಿಯ ಕಾರ್ಯದರ್ಶಿ ಜೆ.ಟಿ. ವೆಂಕಟೇಶ್ವರಲು ಅವರು ಪ್ರಶಸ್ತಿ ಪ್ರದಾನ ಸಮಾರಂಭವು ಜನವರಿ 23 ರಂದು ಹೈದರಾಬಾದ್‌ನ ನಾಂಪಲ್ಲಿಯಲ್ಲಿ ನಡೆಯಲಿದೆ ಎಂದು ತಿಳಿಸಿದ್ದಾರೆ.
ಕಲಬುರಗಿ:ಜ.16:ಕಲಬುರಗಿ ಮೂಲದ ಕಲಾವಿದ ಮೊಹಮ್ಮದ್ ಅಯಾಜೋದ್ದೀನ್ ಪಟೇಲ್ ಅವರು ಹೈದರಾಬಾದ್ ಆರ್ಟ್ ಸೊಸೈಟಿಯ 85ನೇ ಅಖಿಲ
ಭಾರತ ಕಲಾ ಪ್ರದರ್ಶನ-2026ರಲ್ಲಿ ನೀಡಲಾಗುವ ಎಕ್ಸಲೆನ್ಸ್ ಅವಾರ್ಡ್‌ಗೆ ಆಯ್ಕೆಯಾಗಿದ್ದಾರೆ. ಈ ಪ್ರಶಸ್ತಿಯು ರೂ.25,000 ನಗದು ಬಹುಮಾನ ಹಾಗೂ ಪ್ರಶಸ್ತಿ
ಆಧ್ಯಾತ್ಮಿಕ ಲೋಕದ ಪ್ರವಾದಿ ಸಿದ್ಧೇಶ್ವರ ಶ್ರೀ
ಕಲಬುರಗಿ:ಜ.16:ಯಾವುದೇ ಧರ್ಮ, ಕುಲ, ಜಾತಿ, ಭಾಷೆಗೆ ಸೀಮಿತವಾಗದ ವಿಜಯಪುರದ ಜ್ಞಾನಯೋಗಾಶ್ರಮದ ಪೂಜ್ಯ ಶ್ರೀ ಸಿದ್ಧೇಶ್ವರ ಸ್ವಾಮೀಜಿ ಆಧ್ಯಾತ್ಮಿಕ ಲೋಕದ ಪ್ರವಾದಿಯಾಗಿದ್ದರು ಎಂದು ಬಸವಕಲ್ಯಾಣದ ಗುರುಶಿರ್ವಾಧ ಬಸವ ಕಲ್ಯಾಣ ಮಹಾಮನೆ ಮಹಾಮಠದ ಬಸವಪ್ರಭು ಮಹಾಸ್ವಾಮಿಗಳು ತಿಳಿಸಿದರು. ಸದ್ಗುರು ಕಲಾ ಸಂಸ್ಥೆಯ 15ನೇ ವಾರ್ಷಿಕೋತ್ಸವದ ಅಂಗವಾಗಿ ಶತಮಾನದ ಸಂತ ಸಿದ್ಧೇಶ್ವರ ಮಹಾಸ್ವಾಮಿಗಳ ತೃತೀಯ ಪುಣ್ಯಸ್ಮರಣೋತ್ಸವದ ಅಂಗವಾಗಿ ಶಿವಾಜಿ ನಗರದ ಬಸವರಂಗ ಮಂದಿರದಲ್ಲಿ ಹಮ್ಮಿಕೊಂಡ ಕಾರ್ಯಕ್ರಮದ ದಿವ್ಯಸಾನ್ನಿಧ್ಯ ವಹಿಸಿ ಮಾತನಾಡಿದರು. ಸನ್ಮಾನ ಸ್ವೀಕರಿಸಿ ಮಾತನಾಡಿದ ಅಂತರರಾಷ್ಟ್ರೀಯ ಖ್ಯಾತಿಯ ಕಲಾವಿದ ಡಾ. ವಿ.ಜಿ.ಅಂದಾನಿ, ಮನುಷ್ಯ ಕಂಡುಕೊಂಡದ್ದು ಮೊದಲು ಚಿತ್ರಕಲೆ.
ಬಯಲಲ್ಲಿ ಬಯಲಾದರು ಎಂದು ಹೇಳಿದರು. ಅಂತರರಾಷ್ಟ್ರೀಯ ಖ್ಯಾತಿಯ ಕಲಾವಿದ ಡಾ. ಜಿ.ಎಸ್.ಪಂಡಿತ ಅವರು ಸನ್ಮಾನ ಸ್ವೀಕರಿಸಿ ಮಾತನಾಡಿ ಮನುಷ್ಯ ಕಂಡುಕೊಂಡದ್ದು ಮೊದಲು ಚಿತ್ರಕಲೆ. ಮನುಷ್ಯ
ಭಾವನೆಗಳ ಅಭಿವ್ಯಕ್ತಿಯೇ ಕಲೆ. ಕಲೆಗೆ ಮಾನವೀಯ ಸ್ಪರ್ಶ ನೀಡಬೇಕು. ಕಲಾವಿದರಿಗೆ ಸಾಮಾಜಿಕ ಪ್ರಜ್ಞೆ ಇರಬೇಕು, ಉದಾತ್ತ ವಿಚಾರ, ಉನ್ನತ ಮೌಲ್ಯ ಬೆಳೆಸಿಕೊಳ್ಳಬೇಕು. ಭಾರತೀಯ ಸಂಸ್ಕೃತಿಯಲ್ಲಿ ಕಲೆಗೆ ಮಹತ್ವದ ಸ್ಥಾನವಿದೆ. ಹೊರ ಹಾಕುವುದೇ ಕಲೆ ಎಂದು
ವಿವರಿಸಿದರು. ಕರ್ನಾಟಕ ಕಾರ್ಯನಿರತ ಪತ್ರಕರ್ತರ ಸಂಘದ ಜಿಲ್ಲಾಧ್ಯಕ್ಷ ಬಾಬುರಾವ ಯಡ್ರಾಮಿ ಅವರು ಮಾತನಾಡಿದರು. ಸಂಘದ ಅಧ್ಯಕ್ಷ ಡಾ. ಶಿವರಾಜ ಸಜ್ಜನಶೆಟ್ಟಿ ಉದ್ಘಾಟಿಸಿದರು.
ಪ್ರಕರ್ತಕರ್ತ ಸಂಘದ ಕಾರ್ಯದರ್ಶಿ ಬಾಬುರಾವ ಕೋಬಾಳ, ಕರ್ನಾಟಕ ಜಾನಪದ ಪರಿಷತ್ ನ ಜಿಲ್ಲಾಧ್ಯಕ್ಷ ಸಿ.ಎಸ್. ಮಾಲಿಪಾಟೀಲ, ಬಸವರಂಗ ಮಂದಿರ ಅಧ್ಯಕ್ಷ ಶಿವಾನಂದ ಕಲ್ಯಾಣಿ ಅವರು ಭಾಗವಹಿಸಿದ್ದರು. ಇದೇ ವೇಳೆಯಲ್ಲಿ ಆಕಾಶವಾಣಿ ಕಲಾವಿದರಾದ ಶಿವರಾಜ ಸ್ವಾಮಿ, ಬಸವರಾಜ ಗುಡ್ಡಾ, ಚಿತ್ರಕಲಾವಿದರಾದ ಸಿದ್ದಪ್ಪ, ವಿಜಯಲಕ್ಷ್ಮಿ, ಧರ್ಮೇಶ, ಮೌನೇಶ ಪತ್ತಾರ, ಶ್ರೀಶೈಲ ಭಂಡಾರಿ ಅವರನ್ನು ಸನ್ಮಾನಿಸಲಾಯಿತು. ಸದ್ಗುರು ಕಲಾ ಸಂಸ್ಥೆಯ ಅಧ್ಯಕ್ಷ ನಿರೂಪಿಸಿ ಸ್ವಾಗತಿಸಿದರು.
